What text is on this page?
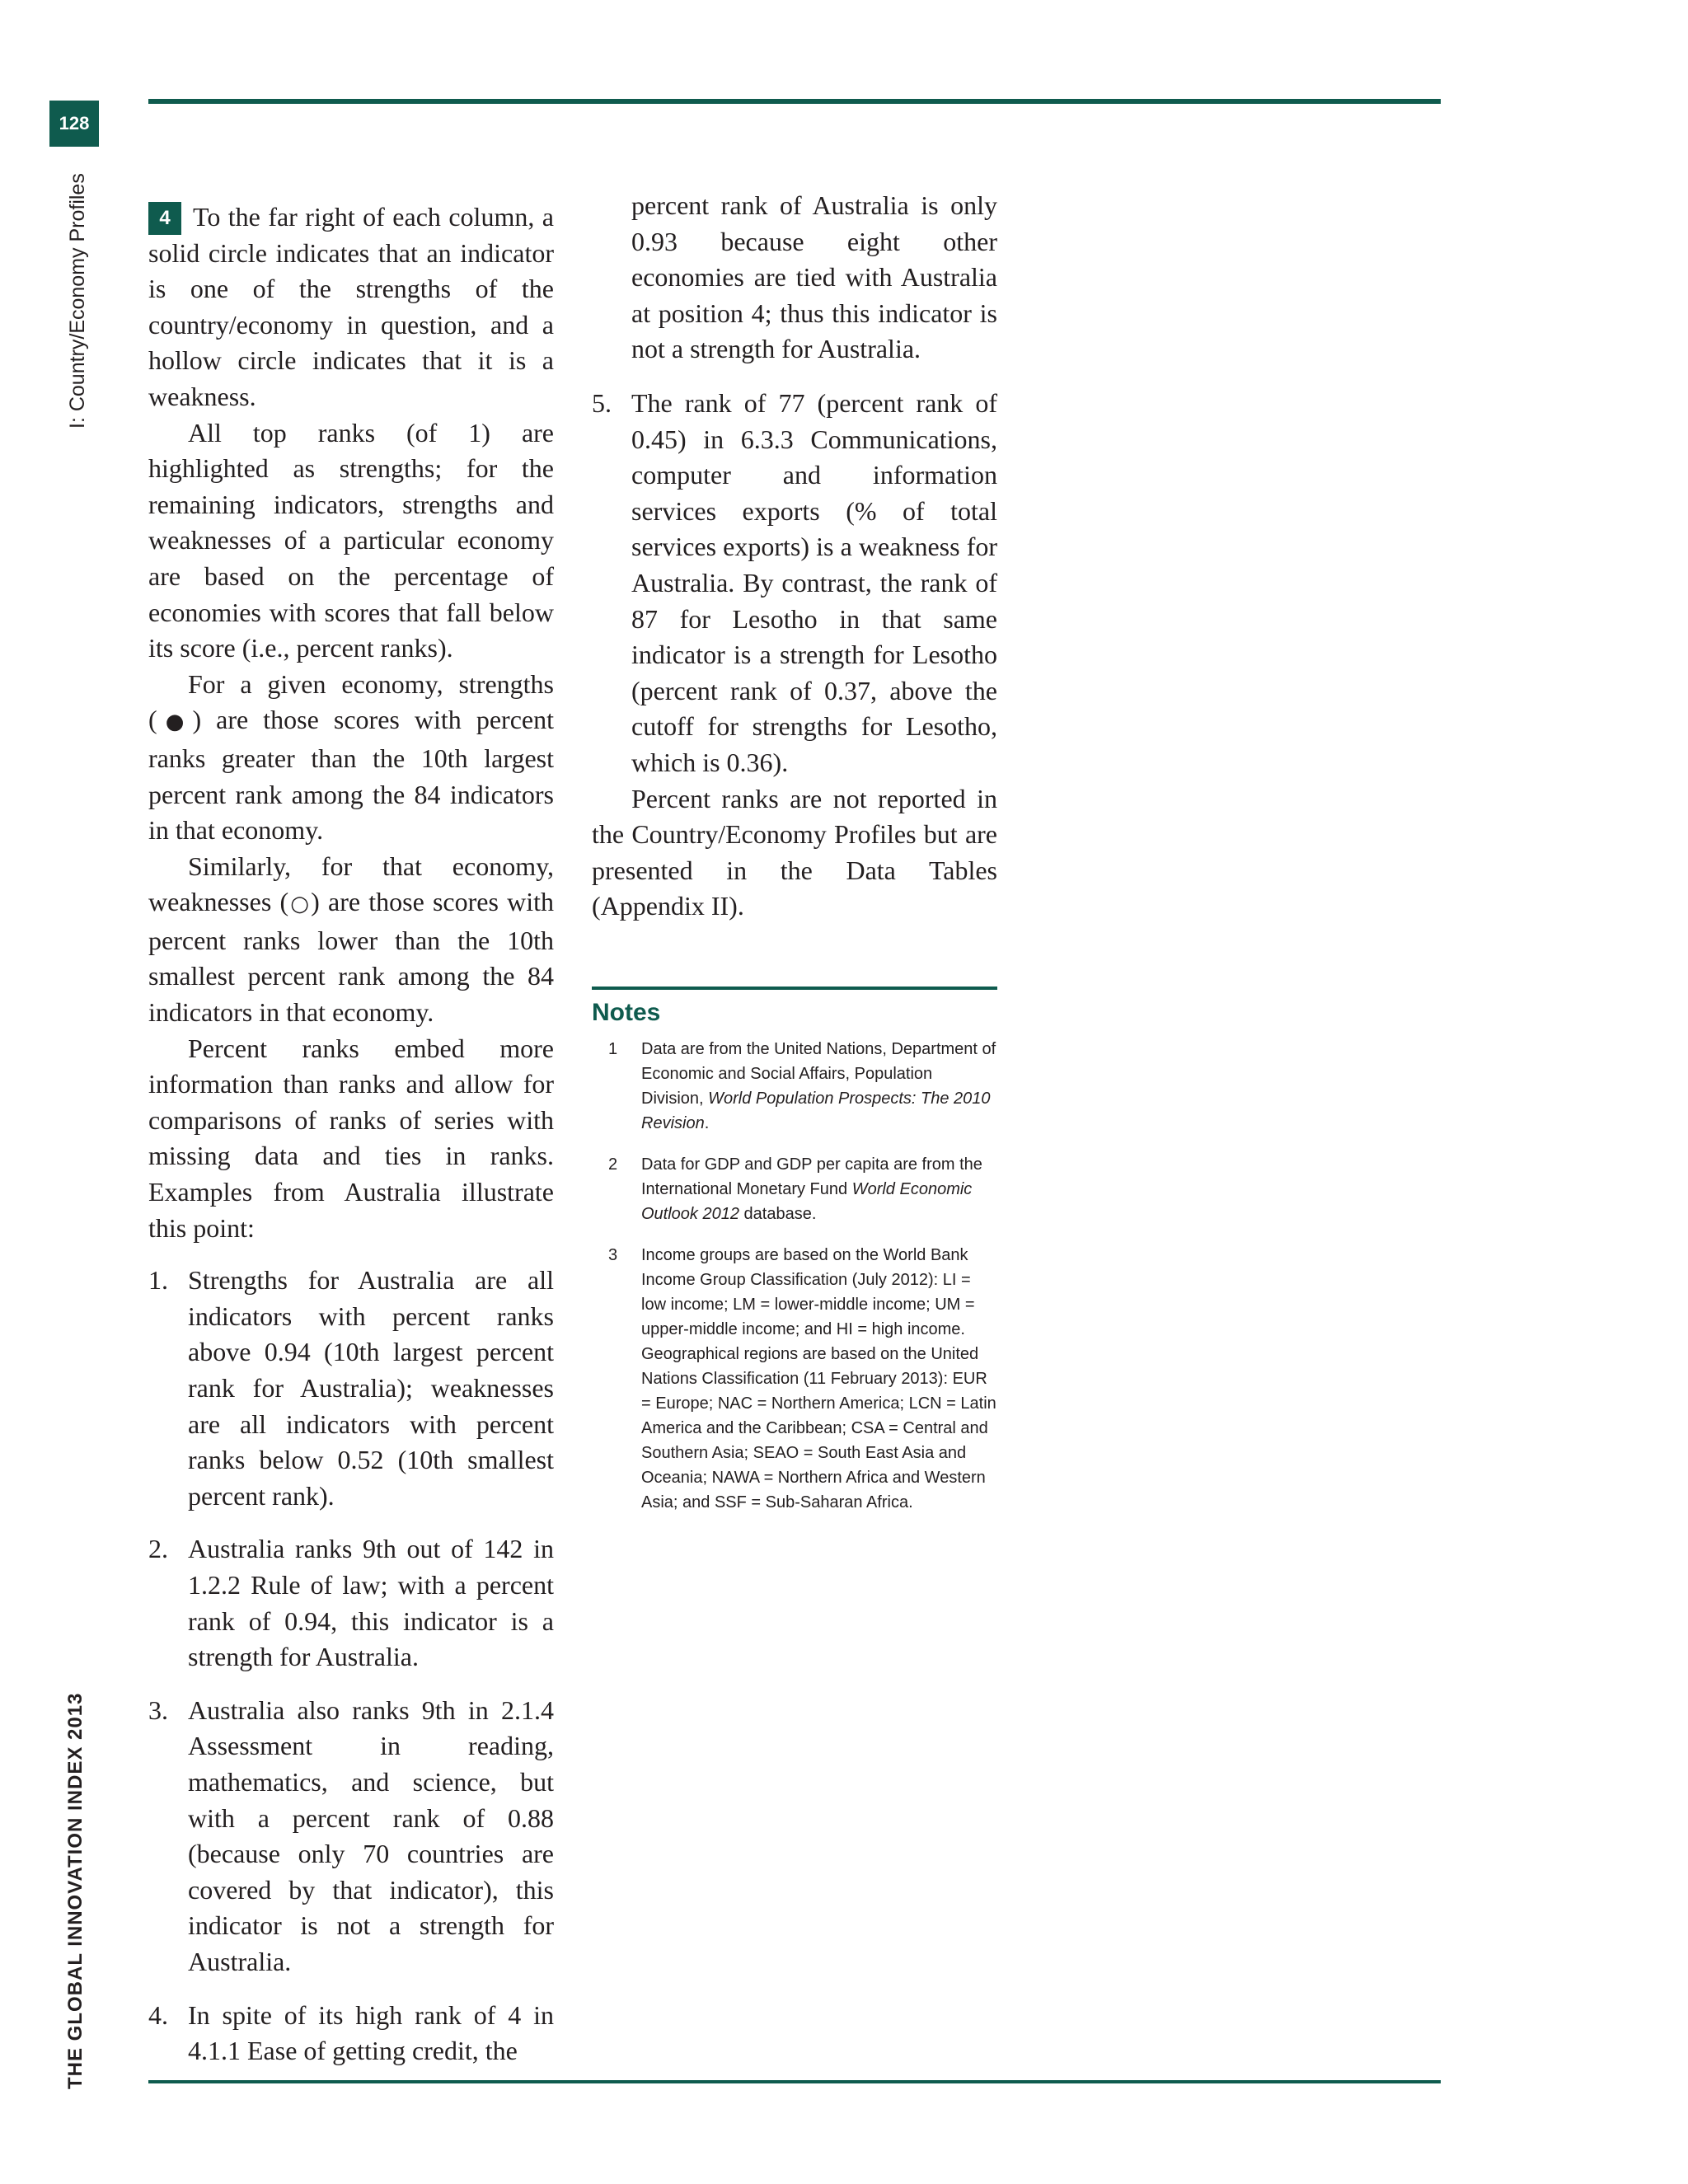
128
I: Country/Economy Profiles
THE GLOBAL INNOVATION INDEX 2013

4 To the far right of each column, a solid circle indicates that an indicator is one of the strengths of the country/economy in question, and a hollow circle indicates that it is a weakness.

All top ranks (of 1) are highlighted as strengths; for the remaining indicators, strengths and weaknesses of a particular economy are based on the percentage of economies with scores that fall below its score (i.e., percent ranks).

For a given economy, strengths (●) are those scores with percent ranks greater than the 10th largest percent rank among the 84 indicators in that economy.

Similarly, for that economy, weaknesses (○) are those scores with percent ranks lower than the 10th smallest percent rank among the 84 indicators in that economy.

Percent ranks embed more information than ranks and allow for comparisons of ranks of series with missing data and ties in ranks. Examples from Australia illustrate this point:

1. Strengths for Australia are all indicators with percent ranks above 0.94 (10th largest percent rank for Australia); weaknesses are all indicators with percent ranks below 0.52 (10th smallest percent rank).
2. Australia ranks 9th out of 142 in 1.2.2 Rule of law; with a percent rank of 0.94, this indicator is a strength for Australia.
3. Australia also ranks 9th in 2.1.4 Assessment in reading, mathematics, and science, but with a percent rank of 0.88 (because only 70 countries are covered by that indicator), this indicator is not a strength for Australia.
4. In spite of its high rank of 4 in 4.1.1 Ease of getting credit, the

percent rank of Australia is only 0.93 because eight other economies are tied with Australia at position 4; thus this indicator is not a strength for Australia.

5. The rank of 77 (percent rank of 0.45) in 6.3.3 Communications, computer and information services exports (% of total services exports) is a weakness for Australia. By contrast, the rank of 87 for Lesotho in that same indicator is a strength for Lesotho (percent rank of 0.37, above the cutoff for strengths for Lesotho, which is 0.36).

Percent ranks are not reported in the Country/Economy Profiles but are presented in the Data Tables (Appendix II).

Notes
1 Data are from the United Nations, Department of Economic and Social Affairs, Population Division, World Population Prospects: The 2010 Revision.
2 Data for GDP and GDP per capita are from the International Monetary Fund World Economic Outlook 2012 database.
3 Income groups are based on the World Bank Income Group Classification (July 2012): LI = low income; LM = lower-middle income; UM = upper-middle income; and HI = high income. Geographical regions are based on the United Nations Classification (11 February 2013): EUR = Europe; NAC = Northern America; LCN = Latin America and the Caribbean; CSA = Central and Southern Asia; SEAO = South East Asia and Oceania; NAWA = Northern Africa and Western Asia; and SSF = Sub-Saharan Africa.
